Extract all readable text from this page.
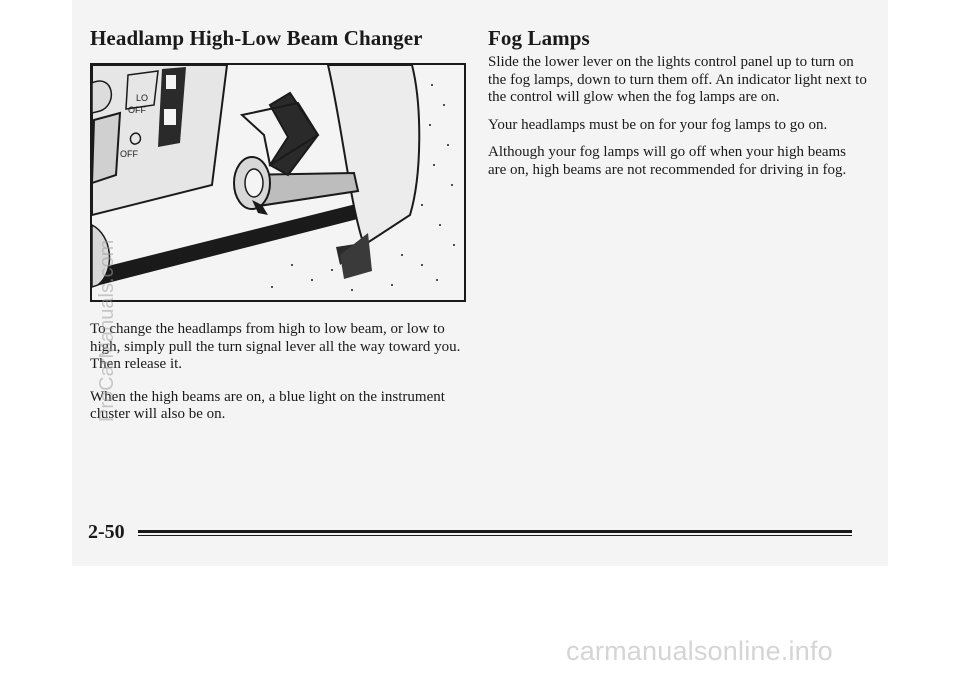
Headlamp High-Low Beam Changer
LO
OFF
OFF

To change the headlamps from high to low beam, or low to high, simply pull the turn signal lever all the way toward you. Then release it.

When the high beams are on, a blue light on the instrument cluster will also be on.

Fog Lamps

Slide the lower lever on the lights control panel up to turn on the fog lamps, down to turn them off. An indicator light next to the control will glow when the fog lamps are on.

Your headlamps must be on for your fog lamps to go on.

Although your fog lamps will go off when your high beams are on, high beams are not recommended for driving in fog.

2-50
ProCarManuals.com
carmanualsonline.info
